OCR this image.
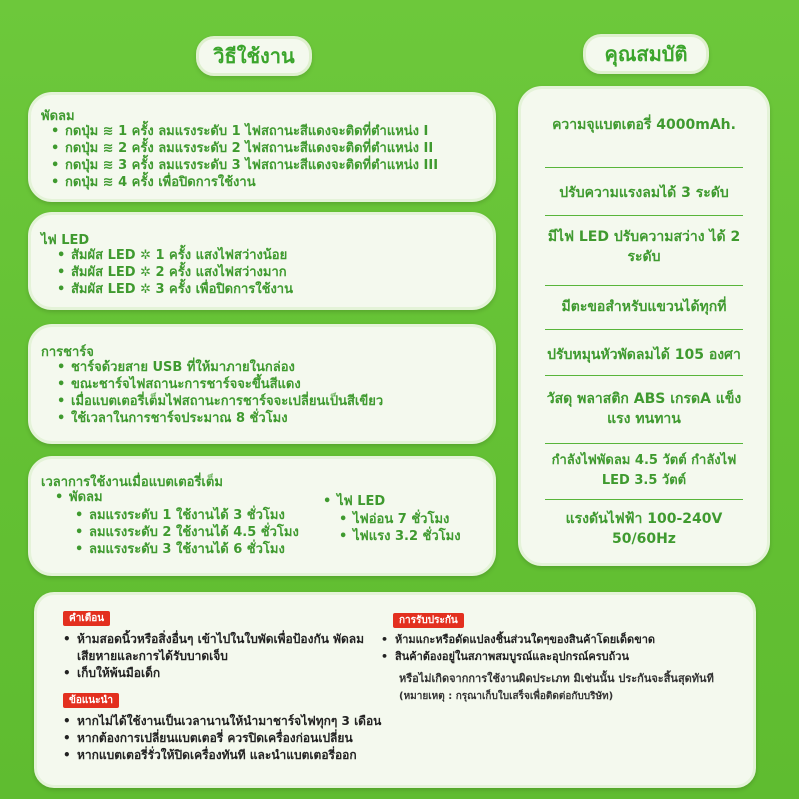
วิธีใช้งาน	คุณสมบัติ
พัดลม
• กดปุ่ม ≋ 1 ครั้ง ลมแรงระดับ 1 ไฟสถานะสีแดงจะติดที่ตำแหน่ง I
• กดปุ่ม ≋ 2 ครั้ง ลมแรงระดับ 2 ไฟสถานะสีแดงจะติดที่ตำแหน่ง II
• กดปุ่ม ≋ 3 ครั้ง ลมแรงระดับ 3 ไฟสถานะสีแดงจะติดที่ตำแหน่ง III
• กดปุ่ม ≋ 4 ครั้ง เพื่อปิดการใช้งาน
ไฟ LED
• สัมผัส LED ✲ 1 ครั้ง แสงไฟสว่างน้อย
• สัมผัส LED ✲ 2 ครั้ง แสงไฟสว่างมาก
• สัมผัส LED ✲ 3 ครั้ง เพื่อปิดการใช้งาน
การชาร์จ
• ชาร์จด้วยสาย USB ที่ให้มาภายในกล่อง
• ขณะชาร์จไฟสถานะการชาร์จจะขึ้นสีแดง
• เมื่อแบตเตอรี่เต็มไฟสถานะการชาร์จจะเปลี่ยนเป็นสีเขียว
• ใช้เวลาในการชาร์จประมาณ 8 ชั่วโมง
เวลาการใช้งานเมื่อแบตเตอรี่เต็ม
• พัดลม
• ลมแรงระดับ 1 ใช้งานได้ 3 ชั่วโมง
• ลมแรงระดับ 2 ใช้งานได้ 4.5 ชั่วโมง
• ลมแรงระดับ 3 ใช้งานได้ 6 ชั่วโมง
• ไฟ LED
• ไฟอ่อน 7 ชั่วโมง
• ไฟแรง 3.2 ชั่วโมง
ความจุแบตเตอรี่ 4000mAh.
ปรับความแรงลมได้ 3 ระดับ
มีไฟ LED ปรับความสว่าง ได้ 2 ระดับ
มีตะขอสำหรับแขวนได้ทุกที่
ปรับหมุนหัวพัดลมได้ 105 องศา
วัสดุ พลาสติก ABS เกรดA แข็งแรง ทนทาน
กำลังไฟพัดลม 4.5 วัตต์ กำลังไฟ LED 3.5 วัตต์
แรงดันไฟฟ้า 100-240V 50/60Hz
คำเตือน
• ห้ามสอดนิ้วหรือสิ่งอื่นๆ เข้าไปในใบพัดเพื่อป้องกัน พัดลมเสียหายและการได้รับบาดเจ็บ
• เก็บให้พ้นมือเด็ก
ข้อแนะนำ
• หากไม่ได้ใช้งานเป็นเวลานานให้นำมาชาร์จไฟทุกๆ 3 เดือน
• หากต้องการเปลี่ยนแบตเตอรี่ ควรปิดเครื่องก่อนเปลี่ยน
• หากแบตเตอรี่รั่วให้ปิดเครื่องทันที และนำแบตเตอรี่ออก
การรับประกัน
• ห้ามแกะหรือดัดแปลงชิ้นส่วนใดๆของสินค้าโดยเด็ดขาด
• สินค้าต้องอยู่ในสภาพสมบูรณ์และอุปกรณ์ครบถ้วน
หรือไม่เกิดจากการใช้งานผิดประเภท มิเช่นนั้น ประกันจะสิ้นสุดทันที
(หมายเหตุ : กรุณาเก็บใบเสร็จเพื่อติดต่อกับบริษัท)
